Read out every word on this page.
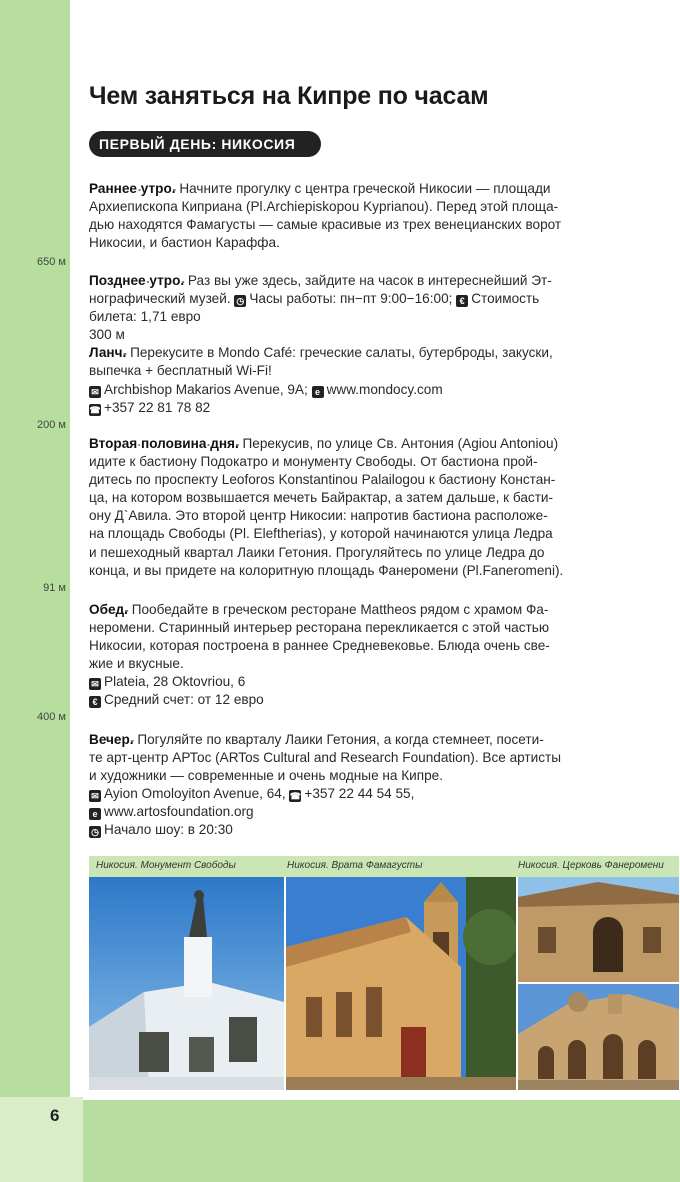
6
650 м
200 м
91 м
400 м
Чем заняться на Кипре по часам
ПЕРВЫЙ ДЕНЬ: НИКОСИЯ
Раннее утро. Начните прогулку с центра греческой Никосии — площади
Архиепископа Киприана (Pl.Archiepiskopou Kyprianou). Перед этой площа-
дью находятся Фамагусты — самые красивые из трех венецианских ворот
Никосии, и бастион Караффа.
Позднее утро. Раз вы уже здесь, зайдите на часок в интереснейший Эт-
нографический музей. ◷ Часы работы: пн−пт 9:00−16:00; € Стоимость
билета: 1,71 евро
300 м
Ланч. Перекусите в Mondo Café: греческие салаты, бутерброды, закуски,
выпечка + бесплатный Wi-Fi!
✉ Archbishop Makarios Avenue, 9A; e www.mondocy.com
☎ +357 22 81 78 82
Вторая половина дня. Перекусив, по улице Св. Антония (Agiou Antoniou)
идите к бастиону Подокатро и монументу Свободы. От бастиона прой-
дитесь по проспекту Leoforos Konstantinou Palailogou к бастиону Констан-
ца, на котором возвышается мечеть Байрактар, а затем дальше, к басти-
ону Д`Авила. Это второй центр Никосии: напротив бастиона расположе-
на площадь Свободы (Pl. Eleftherias), у которой начинаются улица Ледра
и пешеходный квартал Лаики Гетония. Прогуляйтесь по улице Ледра до
конца, и вы придете на колоритную площадь Фанеромени (Pl.Faneromeni).
Обед. Пообедайте в греческом ресторане Mattheos рядом с храмом Фа-
неромени. Старинный интерьер ресторана перекликается с этой частью
Никосии, которая построена в раннее Средневековье. Блюда очень све-
жие и вкусные.
✉ Plateia, 28 Oktovriou, 6
€ Средний счет: от 12 евро
Вечер. Погуляйте по кварталу Лаики Гетония, а когда стемнеет, посети-
те арт-центр АРТос (ARTos Cultural and Research Foundation). Все артисты
и художники — современные и очень модные на Кипре.
✉ Ayion Omoloyiton Avenue, 64, ☎ +357 22 44 54 55,
e www.artosfoundation.org
◷ Начало шоу: в 20:30
Никосия. Монумент Свободы	Никосия. Врата Фамагусты	Никосия. Церковь Фанеромени
